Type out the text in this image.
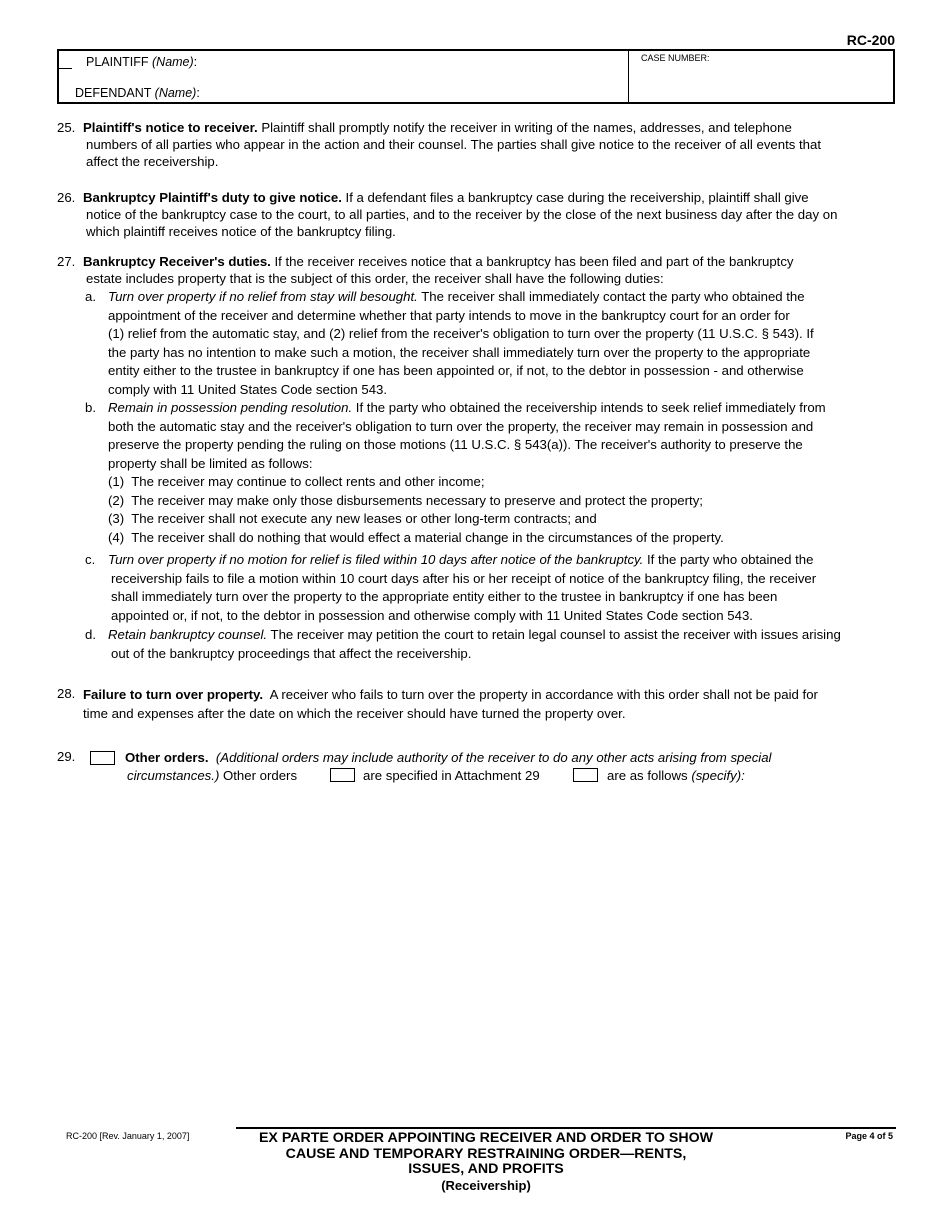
RC-200
PLAINTIFF (Name):
DEFENDANT (Name):
CASE NUMBER:
25. Plaintiff's notice to receiver. Plaintiff shall promptly notify the receiver in writing of the names, addresses, and telephone
numbers of all parties who appear in the action and their counsel. The parties shall give notice to the receiver of all events that
affect the receivership.
26. Bankruptcy Plaintiff's duty to give notice. If a defendant files a bankruptcy case during the receivership, plaintiff shall give
notice of the bankruptcy case to the court, to all parties, and to the receiver by the close of the next business day after the day on
which plaintiff receives notice of the bankruptcy filing.
27. Bankruptcy Receiver's duties. If the receiver receives notice that a bankruptcy has been filed and part of the bankruptcy
estate includes property that is the subject of this order, the receiver shall have the following duties:
a. Turn over property if no relief from stay will besought. The receiver shall immediately contact the party who obtained the
appointment of the receiver and determine whether that party intends to move in the bankruptcy court for an order for
(1) relief from the automatic stay, and (2) relief from the receiver's obligation to turn over the property (11 U.S.C. § 543). If
the party has no intention to make such a motion, the receiver shall immediately turn over the property to the appropriate
entity either to the trustee in bankruptcy if one has been appointed or, if not, to the debtor in possession - and otherwise
comply with 11 United States Code section 543.
b. Remain in possession pending resolution. If the party who obtained the receivership intends to seek relief immediately from
both the automatic stay and the receiver's obligation to turn over the property, the receiver may remain in possession and
preserve the property pending the ruling on those motions (11 U.S.C. § 543(a)). The receiver's authority to preserve the
property shall be limited as follows:
(1) The receiver may continue to collect rents and other income;
(2) The receiver may make only those disbursements necessary to preserve and protect the property;
(3) The receiver shall not execute any new leases or other long-term contracts; and
(4) The receiver shall do nothing that would effect a material change in the circumstances of the property.
c. Turn over property if no motion for relief is filed within 10 days after notice of the bankruptcy. If the party who obtained the
receivership fails to file a motion within 10 court days after his or her receipt of notice of the bankruptcy filing, the receiver
shall immediately turn over the property to the appropriate entity either to the trustee in bankruptcy if one has been
appointed or, if not, to the debtor in possession and otherwise comply with 11 United States Code section 543.
d. Retain bankruptcy counsel. The receiver may petition the court to retain legal counsel to assist the receiver with issues arising
out of the bankruptcy proceedings that affect the receivership.
28. Failure to turn over property. A receiver who fails to turn over the property in accordance with this order shall not be paid for
time and expenses after the date on which the receiver should have turned the property over.
29.	Other orders. (Additional orders may include authority of the receiver to do any other acts arising from special
circumstances.) Other orders	are specified in Attachment 29	are as follows (specify):
RC-200 [Rev. January 1, 2007]	EX PARTE ORDER APPOINTING RECEIVER AND ORDER TO SHOW
CAUSE AND TEMPORARY RESTRAINING ORDER—RENTS,
ISSUES, AND PROFITS
(Receivership)
Page 4 of 5
